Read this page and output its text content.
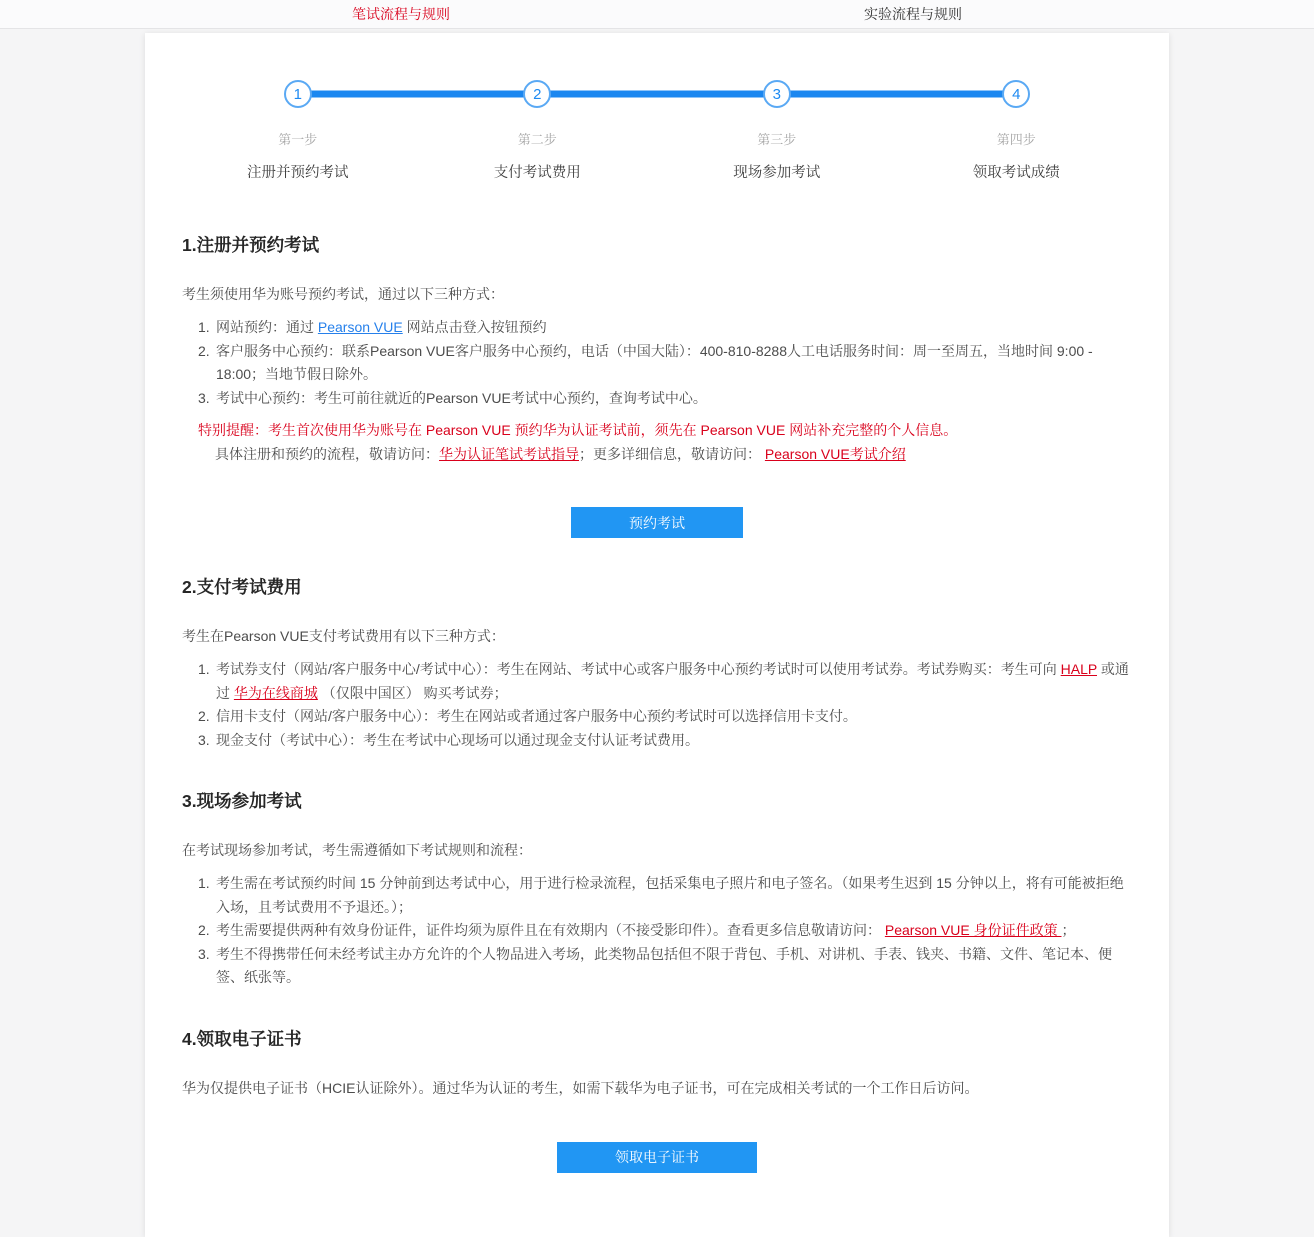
笔试流程与规则	实验流程与规则
1	2	3	4
第一步	第二步	第三步	第四步
注册并预约考试	支付考试费用	现场参加考试	领取考试成绩
1.注册并预约考试

考生须使用华为账号预约考试，通过以下三种方式：

1. 网站预约：通过 Pearson VUE 网站点击登入按钮预约
2. 客户服务中心预约：联系Pearson VUE客户服务中心预约，电话（中国大陆）：400-810-8288人工电话服务时间：周一至周五，当地时间 9:00 - 18:00；当地节假日除外。
3. 考试中心预约：考生可前往就近的Pearson VUE考试中心预约，查询考试中心。
特别提醒：考生首次使用华为账号在 Pearson VUE 预约华为认证考试前，须先在 Pearson VUE 网站补充完整的个人信息。
具体注册和预约的流程，敬请访问：华为认证笔试考试指导；更多详细信息，敬请访问： Pearson VUE考试介绍
预约考试
2.支付考试费用

考生在Pearson VUE支付考试费用有以下三种方式：

1. 考试券支付（网站/客户服务中心/考试中心）：考生在网站、考试中心或客户服务中心预约考试时可以使用考试券。考试券购买：考生可向 HALP 或通过 华为在线商城 （仅限中国区） 购买考试券；
2. 信用卡支付（网站/客户服务中心）：考生在网站或者通过客户服务中心预约考试时可以选择信用卡支付。
3. 现金支付（考试中心）：考生在考试中心现场可以通过现金支付认证考试费用。
3.现场参加考试

在考试现场参加考试，考生需遵循如下考试规则和流程：

1. 考生需在考试预约时间 15 分钟前到达考试中心，用于进行检录流程，包括采集电子照片和电子签名。（如果考生迟到 15 分钟以上，将有可能被拒绝入场，且考试费用不予退还。）；
2. 考生需要提供两种有效身份证件，证件均须为原件且在有效期内（不接受影印件）。查看更多信息敬请访问： Pearson VUE 身份证件政策 ；
3. 考生不得携带任何未经考试主办方允许的个人物品进入考场，此类物品包括但不限于背包、手机、对讲机、手表、钱夹、书籍、文件、笔记本、便签、纸张等。
4.领取电子证书

华为仅提供电子证书（HCIE认证除外）。通过华为认证的考生，如需下载华为电子证书，可在完成相关考试的一个工作日后访问。

领取电子证书
